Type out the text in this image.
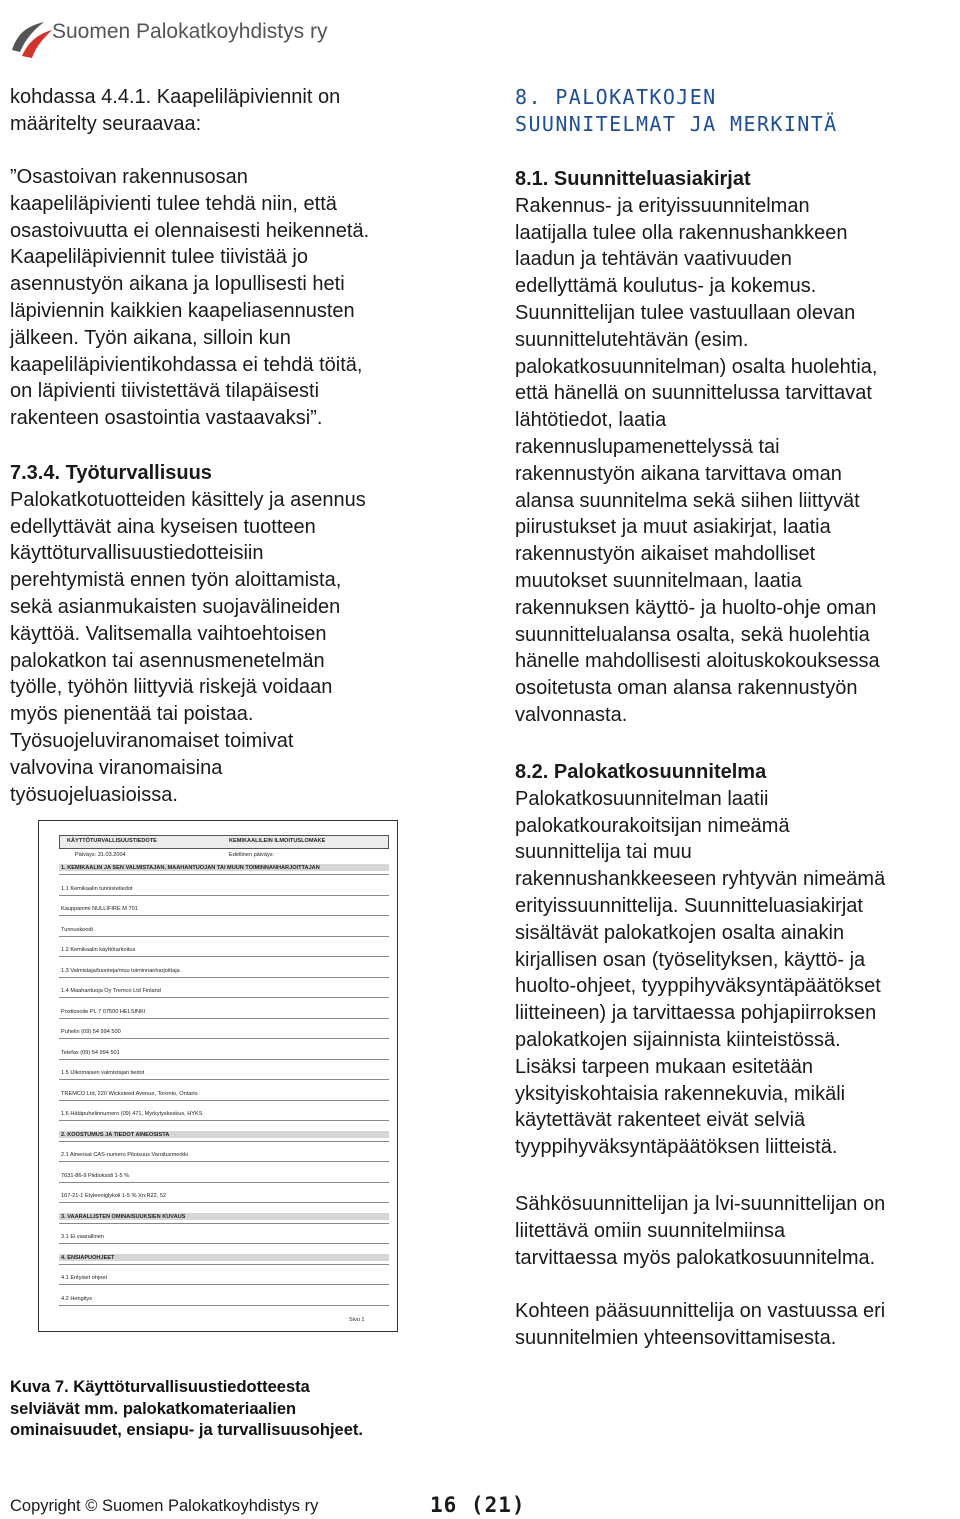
Suomen Palokatkoyhdistys ry
kohdassa 4.4.1. Kaapeliläpiviennit on
määritelty seuraavaa:
”Osastoivan rakennusosan
kaapeliläpivienti tulee tehdä niin, että
osastoivuutta ei olennaisesti heikennetä.
Kaapeliläpiviennit tulee tiivistää jo
asennustyön aikana ja lopullisesti heti
läpiviennin kaikkien kaapeliasennusten
jälkeen. Työn aikana, silloin kun
kaapeliläpivientikohdassa ei tehdä töitä,
on läpivienti tiivistettävä tilapäisesti
rakenteen osastointia vastaavaksi”.
7.3.4. Työturvallisuus
Palokatkotuotteiden käsittely ja asennus
edellyttävät aina kyseisen tuotteen
käyttöturvallisuustiedotteisiin
perehtymistä ennen työn aloittamista,
sekä asianmukaisten suojavälineiden
käyttöä. Valitsemalla vaihtoehtoisen
palokatkon tai asennusmenetelmän
työlle, työhön liittyviä riskejä voidaan
myös pienentää tai poistaa.
Työsuojeluviranomaiset toimivat
valvovina viranomaisina
työsuojeluasioissa.
KÄYTTÖTURVALLISUUSTIEDOTE	KEMIKAALILEIN ILMOITUSLOMAKE
Päiväys: 31.03.2004	Edellinen päiväys:
1. KEMIKAALIN JA SEN VALMISTAJAN, MAAHANTUOJAN TAI MUUN TOIMINNANHARJOITTAJAN
1.1 Kemikaalin tunnistetiedot
Kauppanimi NULLIFIRE M 701
Tunnuskoodi
1.2 Kemikaalin käyttötarkoitus
1.3 Valmistaja/tuonteja/muu toiminnanharjoittaja
1.4 Maahantuoja Oy Tremco Ltd Finland
Postiosoite PL 7 07500 HELSINKI
Puhelin (09) 54 994 500
Telefax (09) 54 994 501
1.5 Ulkomaisen valmistajan tiedot
TREMCO Ltd, 220 Wicksteed Avenue, Toronto, Ontario
1.6 Hätäpuhelinnumero (09) 471, Myrkytyskeskus, HYKS
2. KOOSTUMUS JA TIEDOT AINEOSISTA
2.1 Aineosat CAS-numero Pitoisuus Varoitusmerkki
7631-86-9 Piidioksidi 1-5 %
107-21-1 Etyleeniglykoli 1-5 % Xn;R22, 52
3. VAARALLISTEN OMINAISUUKSIEN KUVAUS
3.1 Ei vaarallinen
4. ENSIAPUOHJEET
4.1 Erityiset ohjeet
4.2 Hengitys
Sivu 1
Kuva 7. Käyttöturvallisuustiedotteesta
selviävät mm. palokatkomateriaalien
ominaisuudet, ensiapu- ja turvallisuusohjeet.
8. PALOKATKOJEN
SUUNNITELMAT JA MERKINTÄ
8.1. Suunnitteluasiakirjat
Rakennus- ja erityissuunnitelman
laatijalla tulee olla rakennushankkeen
laadun ja tehtävän vaativuuden
edellyttämä koulutus- ja kokemus.
Suunnittelijan tulee vastuullaan olevan
suunnittelutehtävän (esim.
palokatkosuunnitelman) osalta huolehtia,
että hänellä on suunnittelussa tarvittavat
lähtötiedot, laatia
rakennuslupamenettelyssä tai
rakennustyön aikana tarvittava oman
alansa suunnitelma sekä siihen liittyvät
piirustukset ja muut asiakirjat, laatia
rakennustyön aikaiset mahdolliset
muutokset suunnitelmaan, laatia
rakennuksen käyttö- ja huolto-ohje oman
suunnittelualansa osalta, sekä huolehtia
hänelle mahdollisesti aloituskokouksessa
osoitetusta oman alansa rakennustyön
valvonnasta.
8.2. Palokatkosuunnitelma
Palokatkosuunnitelman laatii
palokatkourakoitsijan nimeämä
suunnittelija tai muu
rakennushankkeeseen ryhtyvän nimeämä
erityissuunnittelija. Suunnitteluasiakirjat
sisältävät palokatkojen osalta ainakin
kirjallisen osan (työselityksen, käyttö- ja
huolto-ohjeet, tyyppihyväksyntäpäätökset
liitteineen) ja tarvittaessa pohjapiirroksen
palokatkojen sijainnista kiinteistössä.
Lisäksi tarpeen mukaan esitetään
yksityiskohtaisia rakennekuvia, mikäli
käytettävät rakenteet eivät selviä
tyyppihyväksyntäpäätöksen liitteistä.
Sähkösuunnittelijan ja lvi-suunnittelijan on
liitettävä omiin suunnitelmiinsa
tarvittaessa myös palokatkosuunnitelma.
Kohteen pääsuunnittelija on vastuussa eri
suunnitelmien yhteensovittamisesta.
Copyright © Suomen Palokatkoyhdistys ry	16 (21)
